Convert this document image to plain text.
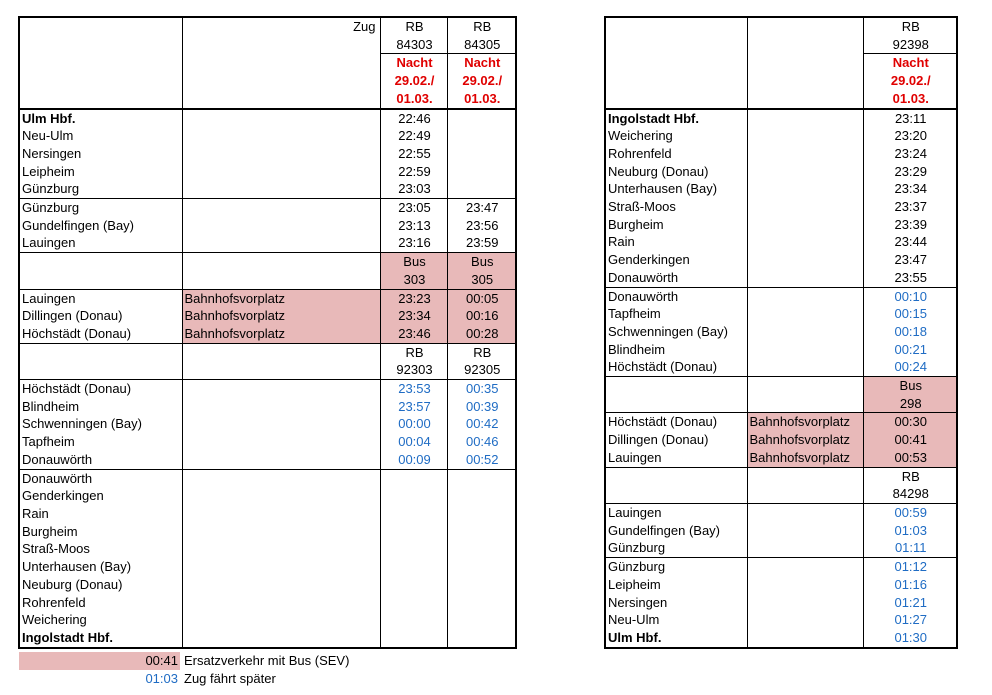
	Zug	RB	RB
		84303	84305
		Nacht	Nacht
		29.02./	29.02./
		01.03.	01.03.
Ulm Hbf.		22:46	
Neu-Ulm		22:49	
Nersingen		22:55	
Leipheim		22:59	
Günzburg		23:03	
Günzburg		23:05	23:47
Gundelfingen (Bay)		23:13	23:56
Lauingen		23:16	23:59
		Bus	Bus
		303	305
Lauingen	Bahnhofsvorplatz	23:23	00:05
Dillingen (Donau)	Bahnhofsvorplatz	23:34	00:16
Höchstädt (Donau)	Bahnhofsvorplatz	23:46	00:28
		RB	RB
		92303	92305
Höchstädt (Donau)		23:53	00:35
Blindheim		23:57	00:39
Schwenningen (Bay)		00:00	00:42
Tapfheim		00:04	00:46
Donauwörth		00:09	00:52
Donauwörth			
Genderkingen			
Rain			
Burgheim			
Straß-Moos			
Unterhausen (Bay)			
Neuburg (Donau)			
Rohrenfeld			
Weichering			
Ingolstadt Hbf.			
		RB
		92398
		Nacht
		29.02./
		01.03.
Ingolstadt Hbf.		23:11
Weichering		23:20
Rohrenfeld		23:24
Neuburg (Donau)		23:29
Unterhausen (Bay)		23:34
Straß-Moos		23:37
Burgheim		23:39
Rain		23:44
Genderkingen		23:47
Donauwörth		23:55
Donauwörth		00:10
Tapfheim		00:15
Schwenningen (Bay)		00:18
Blindheim		00:21
Höchstädt (Donau)		00:24
		Bus
		298
Höchstädt (Donau)	Bahnhofsvorplatz	00:30
Dillingen (Donau)	Bahnhofsvorplatz	00:41
Lauingen	Bahnhofsvorplatz	00:53
		RB
		84298
Lauingen		00:59
Gundelfingen (Bay)		01:03
Günzburg		01:11
Günzburg		01:12
Leipheim		01:16
Nersingen		01:21
Neu-Ulm		01:27
Ulm Hbf.		01:30
00:41 Ersatzverkehr mit Bus (SEV)
01:03 Zug fährt später
